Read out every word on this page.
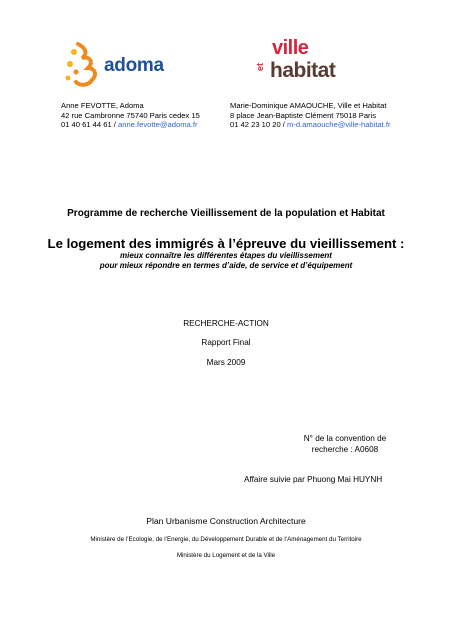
adoma
ville
et habitat
Anne FEVOTTE, Adoma
42 rue Cambronne 75740 Paris cedex 15
01 40 61 44 61 / anne.fevotte@adoma.fr
Marie-Dominique AMAOUCHE, Ville et Habitat
8 place Jean-Baptiste Clément 75018 Paris
01 42 23 10 20 / m-d.amaouche@ville-habitat.fr
Programme de recherche Vieillissement de la population et Habitat
Le logement des immigrés à l’épreuve du vieillissement :
mieux connaître les différentes étapes du vieillissement
pour mieux répondre en termes d’aide, de service et d’équipement
RECHERCHE-ACTION
Rapport Final
Mars 2009
N° de la convention de
recherche : A0608
Affaire suivie par Phuong Mai HUYNH
Plan Urbanisme Construction Architecture
Ministère de l’Ecologie, de l’Energie, du Développement Durable et de l’Aménagement du Territoire
Ministère du Logement et de la Ville
